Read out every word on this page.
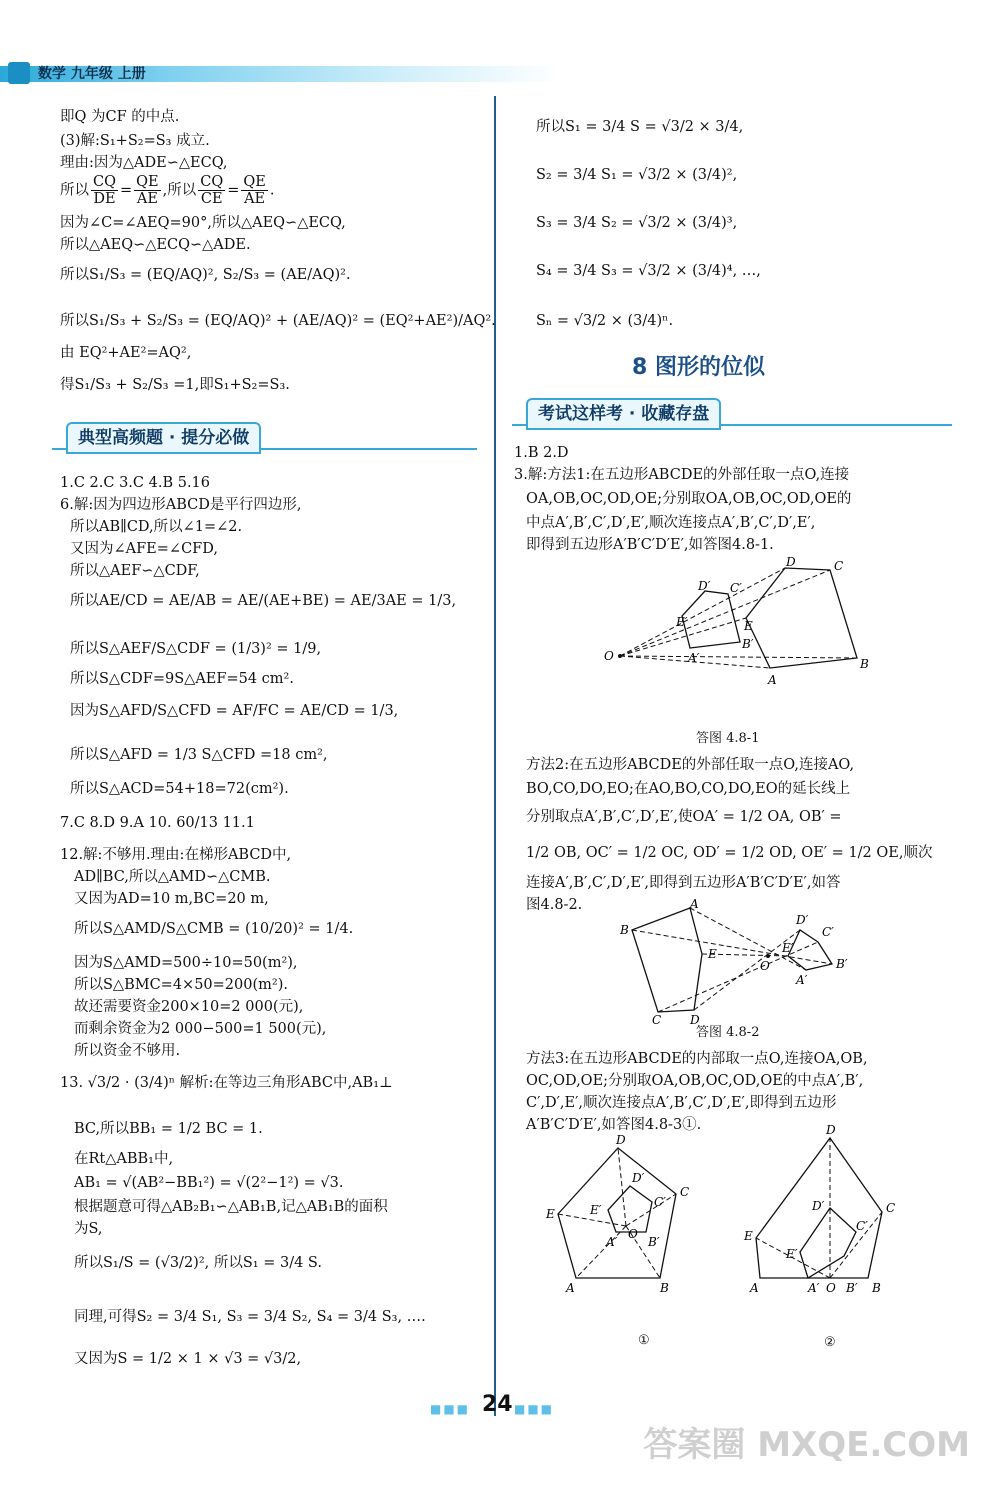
数学 九年级 上册
即Q 为CF 的中点.
(3)解:S₁+S₂=S₃ 成立.
理由:因为△ADE∽△ECQ,
所以 $\frac{CQ}{DE} = \frac{QE}{AE}$ ,所以 $\frac{CQ}{CE} = \frac{QE}{AE}$ .
因为∠C=∠AEQ=90°,所以△AEQ∽△ECQ,
所以△AEQ∽△ECQ∽△ADE.
所以S₁/S₃ = (EQ/AQ)², S₂/S₃ = (AE/AQ)².
所以S₁/S₃ + S₂/S₃ = (EQ/AQ)² + (AE/AQ)² = (EQ²+AE²)/AQ².
由 EQ²+AE²=AQ²,
得S₁/S₃ + S₂/S₃ =1,即S₁+S₂=S₃.
典型高频题 · 提分必做
1.C 2.C 3.C 4.B 5.16
6.解:因为四边形ABCD是平行四边形,
所以AB∥CD,所以∠1=∠2.
又因为∠AFE=∠CFD,
所以△AEF∽△CDF,
所以AE/CD = AE/AB = AE/(AE+BE) = AE/3AE = 1/3,
所以S△AEF/S△CDF = (1/3)² = 1/9,
所以S△CDF=9S△AEF=54 cm².
因为S△AFD/S△CFD = AF/FC = AE/CD = 1/3,
所以S△AFD = 1/3 S△CFD =18 cm²,
所以S△ACD=54+18=72(cm²).
7.C 8.D 9.A 10. 60/13 11.1
12.解:不够用.理由:在梯形ABCD中,
AD∥BC,所以△AMD∽△CMB.
又因为AD=10 m,BC=20 m,
所以S△AMD/S△CMB = (10/20)² = 1/4.
因为S△AMD=500÷10=50(m²),
所以S△BMC=4×50=200(m²).
故还需要资金200×10=2 000(元),
而剩余资金为2 000−500=1 500(元),
所以资金不够用.
13. √3/2 · (3/4)ⁿ 解析:在等边三角形ABC中,AB₁⊥
BC,所以BB₁ = 1/2 BC = 1.
在Rt△ABB₁中,
AB₁ = √(AB²−BB₁²) = √(2²−1²) = √3.
根据题意可得△AB₂B₁∽△AB₁B,记△AB₁B的面积
为S,
所以S₁/S = (√3/2)², 所以S₁ = 3/4 S.
同理,可得S₂ = 3/4 S₁, S₃ = 3/4 S₂, S₄ = 3/4 S₃, ….
又因为S = 1/2 × 1 × √3 = √3/2,
所以S₁ = 3/4 S = √3/2 × 3/4,
S₂ = 3/4 S₁ = √3/2 × (3/4)²,
S₃ = 3/4 S₂ = √3/2 × (3/4)³,
S₄ = 3/4 S₃ = √3/2 × (3/4)⁴, …,
Sₙ = √3/2 × (3/4)ⁿ.
8 图形的位似
考试这样考 · 收藏存盘
1.B 2.D
3.解:方法1:在五边形ABCDE的外部任取一点O,连接
OA,OB,OC,OD,OE;分别取OA,OB,OC,OD,OE的
中点A′,B′,C′,D′,E′,顺次连接点A′,B′,C′,D′,E′,
即得到五边形A′B′C′D′E′,如答图4.8-1.
O
A
B
C
D
E
A′
B′
C′
D′
E′
答图 4.8-1
方法2:在五边形ABCDE的外部任取一点O,连接AO,
BO,CO,DO,EO;在AO,BO,CO,DO,EO的延长线上
分别取点A′,B′,C′,D′,E′,使OA′ = 1/2 OA, OB′ =
1/2 OB, OC′ = 1/2 OC, OD′ = 1/2 OD, OE′ = 1/2 OE,顺次
连接A′,B′,C′,D′,E′,即得到五边形A′B′C′D′E′,如答
图4.8-2.
O
A
B
C D
E
A′
B′
C′
D′
E′
答图 4.8-2
方法3:在五边形ABCDE的内部取一点O,连接OA,OB,
OC,OD,OE;分别取OA,OB,OC,OD,OE的中点A′,B′,
C′,D′,E′,顺次连接点A′,B′,C′,D′,E′,即得到五边形
A′B′C′D′E′,如答图4.8-3①.
D
C
B
A
E
O
D′
C′
B′
A′
E′
D
C
B
A
E
O
A′ B′
D′
C′
E′
①	②
■■■ 24 ■■■
答案圈 MXQE.COM
